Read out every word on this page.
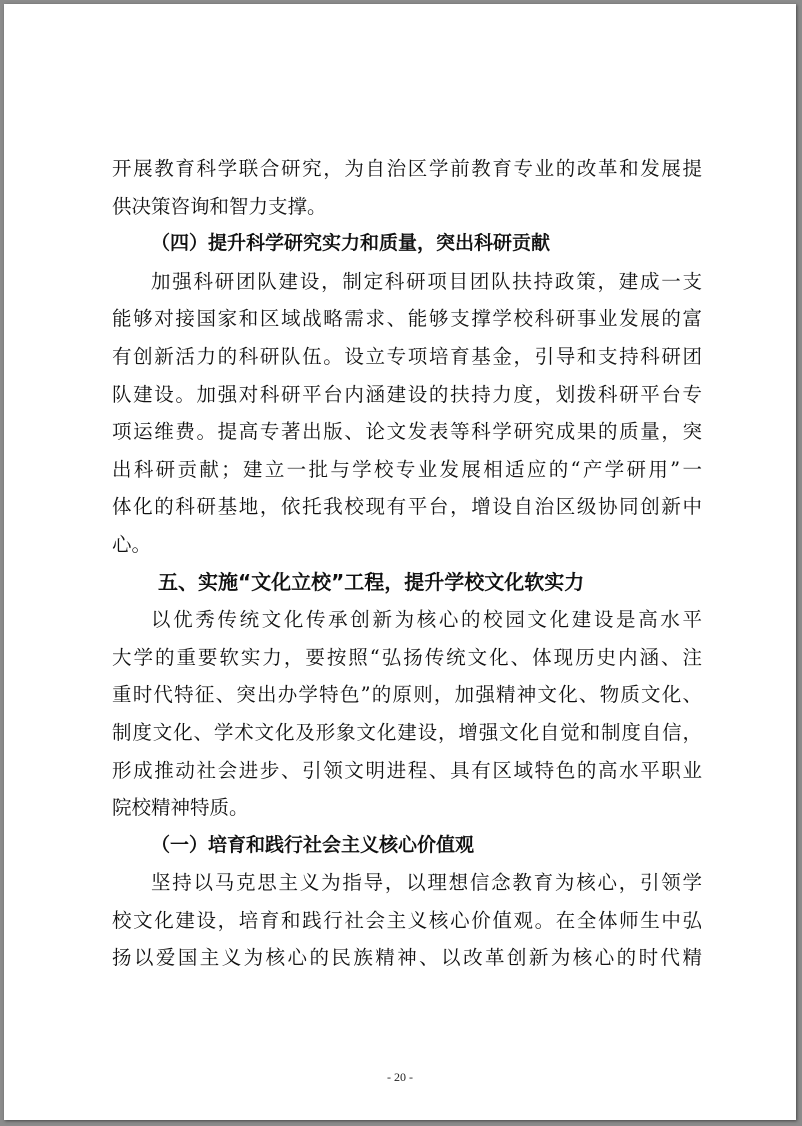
开展教育科学联合研究，为自治区学前教育专业的改革和发展提
供决策咨询和智力支撑。
（四）提升科学研究实力和质量，突出科研贡献
加强科研团队建设，制定科研项目团队扶持政策，建成一支
能够对接国家和区域战略需求、能够支撑学校科研事业发展的富
有创新活力的科研队伍。设立专项培育基金，引导和支持科研团
队建设。加强对科研平台内涵建设的扶持力度，划拨科研平台专
项运维费。提高专著出版、论文发表等科学研究成果的质量，突
出科研贡献；建立一批与学校专业发展相适应的“产学研用”一
体化的科研基地，依托我校现有平台，增设自治区级协同创新中
心。
五、实施“文化立校”工程，提升学校文化软实力
以优秀传统文化传承创新为核心的校园文化建设是高水平
大学的重要软实力，要按照“弘扬传统文化、体现历史内涵、注
重时代特征、突出办学特色”的原则，加强精神文化、物质文化、
制度文化、学术文化及形象文化建设，增强文化自觉和制度自信，
形成推动社会进步、引领文明进程、具有区域特色的高水平职业
院校精神特质。
（一）培育和践行社会主义核心价值观
坚持以马克思主义为指导，以理想信念教育为核心，引领学
校文化建设，培育和践行社会主义核心价值观。在全体师生中弘
扬以爱国主义为核心的民族精神、以改革创新为核心的时代精
- 20 -
